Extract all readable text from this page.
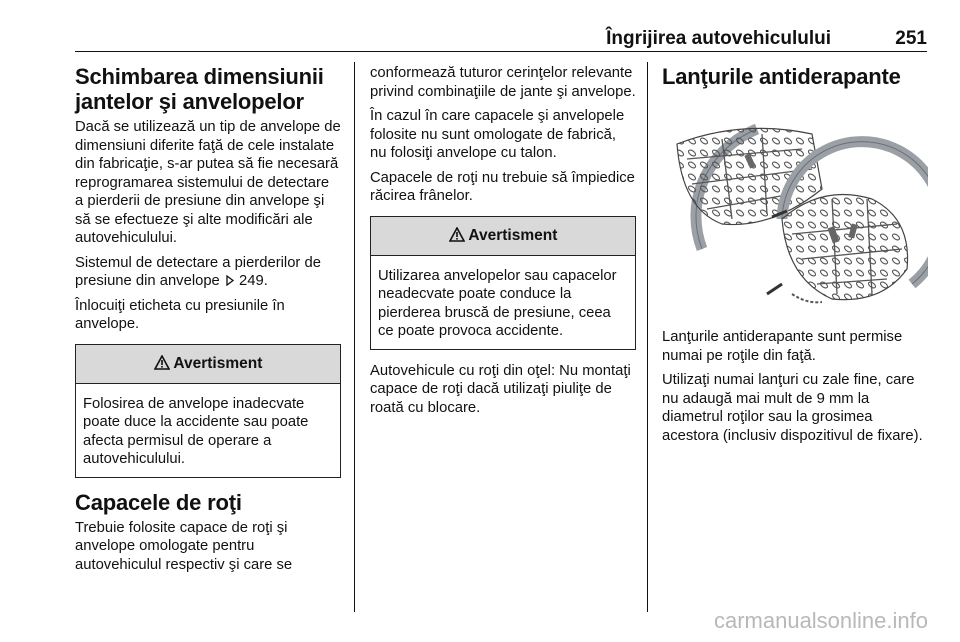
Îngrijirea autovehiculului	251
Schimbarea dimensiunii jantelor şi anvelopelor

Dacă se utilizează un tip de anvelope de dimensiuni diferite faţă de cele instalate din fabricaţie, s-ar putea să fie necesară reprogramarea sistemului de detectare a pierderii de presiune din anvelope şi să se efectueze şi alte modificări ale autovehiculului.

Sistemul de detectare a pierderilor de presiune din anvelope 249.

Înlocuiţi eticheta cu presiunile în anvelope.

Avertisment

Folosirea de anvelope inadecvate poate duce la accidente sau poate afecta permisul de operare a autovehiculului.

Capacele de roţi

Trebuie folosite capace de roţi şi anvelope omologate pentru autovehiculul respectiv şi care se

conformează tuturor cerinţelor relevante privind combinaţiile de jante şi anvelope.

În cazul în care capacele şi anvelopele folosite nu sunt omologate de fabrică, nu folosiţi anvelope cu talon.

Capacele de roţi nu trebuie să împiedice răcirea frânelor.

Avertisment

Utilizarea anvelopelor sau capacelor neadecvate poate conduce la pierderea bruscă de presiune, ceea ce poate provoca accidente.

Autovehicule cu roţi din oţel: Nu montaţi capace de roţi dacă utilizaţi piuliţe de roată cu blocare.

Lanţurile antiderapante

Lanţurile antiderapante sunt permise numai pe roţile din faţă.

Utilizaţi numai lanţuri cu zale fine, care nu adaugă mai mult de 9 mm la diametrul roţilor sau la grosimea acestora (inclusiv dispozitivul de fixare).

carmanualsonline.info
